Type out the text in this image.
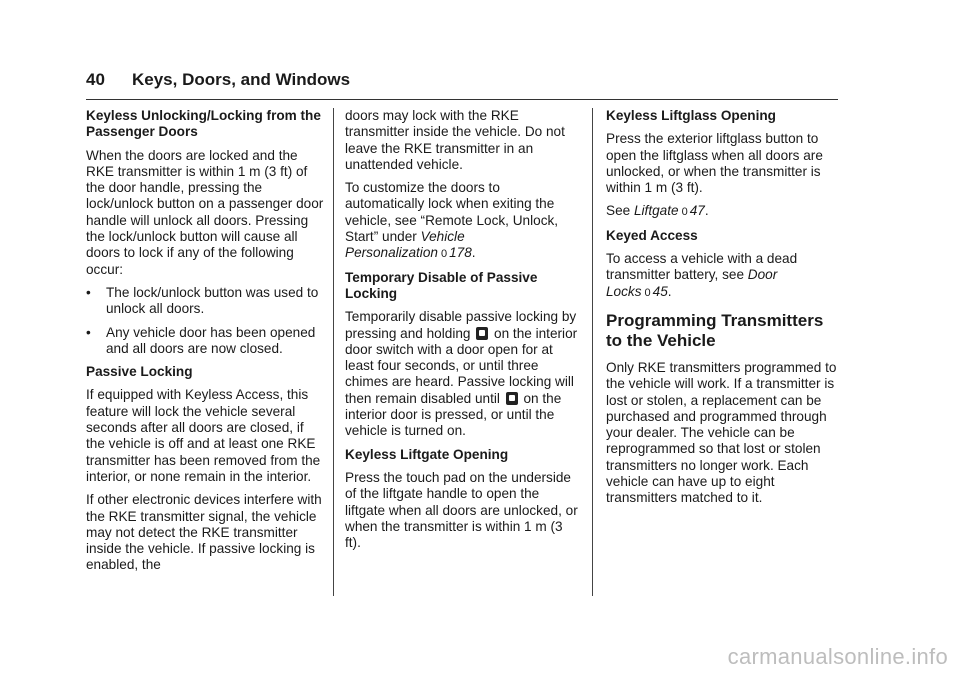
40 Keys, Doors, and Windows
Keyless Unlocking/Locking from the Passenger Doors
When the doors are locked and the RKE transmitter is within 1 m (3 ft) of the door handle, pressing the lock/unlock button on a passenger door handle will unlock all doors. Pressing the lock/unlock button will cause all doors to lock if any of the following occur:
• The lock/unlock button was used to unlock all doors.
• Any vehicle door has been opened and all doors are now closed.
Passive Locking
If equipped with Keyless Access, this feature will lock the vehicle several seconds after all doors are closed, if the vehicle is off and at least one RKE transmitter has been removed from the interior, or none remain in the interior.
If other electronic devices interfere with the RKE transmitter signal, the vehicle may not detect the RKE transmitter inside the vehicle. If passive locking is enabled, the
doors may lock with the RKE transmitter inside the vehicle. Do not leave the RKE transmitter in an unattended vehicle.
To customize the doors to automatically lock when exiting the vehicle, see “Remote Lock, Unlock, Start” under Vehicle Personalization 0 178.
Temporary Disable of Passive Locking
Temporarily disable passive locking by pressing and holding on the interior door switch with a door open for at least four seconds, or until three chimes are heard. Passive locking will then remain disabled until on the interior door is pressed, or until the vehicle is turned on.
Keyless Liftgate Opening
Press the touch pad on the underside of the liftgate handle to open the liftgate when all doors are unlocked, or when the transmitter is within 1 m (3 ft).
Keyless Liftglass Opening
Press the exterior liftglass button to open the liftglass when all doors are unlocked, or when the transmitter is within 1 m (3 ft).
See Liftgate 0 47.
Keyed Access
To access a vehicle with a dead transmitter battery, see Door Locks 0 45.
Programming Transmitters to the Vehicle
Only RKE transmitters programmed to the vehicle will work. If a transmitter is lost or stolen, a replacement can be purchased and programmed through your dealer. The vehicle can be reprogrammed so that lost or stolen transmitters no longer work. Each vehicle can have up to eight transmitters matched to it.
carmanualsonline.info
